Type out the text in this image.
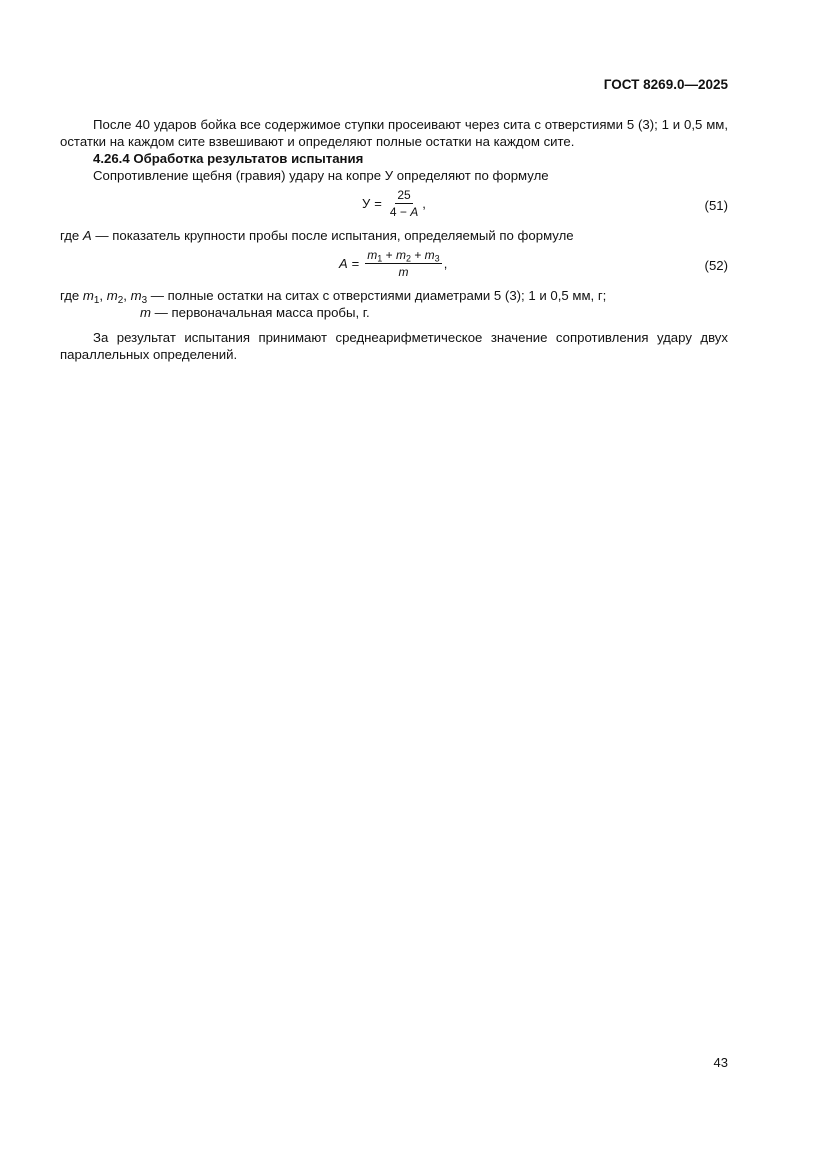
ГОСТ 8269.0—2025

После 40 ударов бойка все содержимое ступки просеивают через сита с отверстиями 5 (3); 1 и 0,5 мм, остатки на каждом сите взвешивают и определяют полные остатки на каждом сите.

4.26.4 Обработка результатов испытания

Сопротивление щебня (гравия) удару на копре У определяют по формуле

$У = \frac{25}{4 - A}$ ,	(51)

где A — показатель крупности пробы после испытания, определяемый по формуле

$A = \frac{m_1 + m_2 + m_3}{m}$ ,	(52)

где $m_1$, $m_2$, $m_3$ — полные остатки на ситах с отверстиями диаметрами 5 (3); 1 и 0,5 мм, г;

m — первоначальная масса пробы, г.

За результат испытания принимают среднеарифметическое значение сопротивления удару двух параллельных определений.

43
